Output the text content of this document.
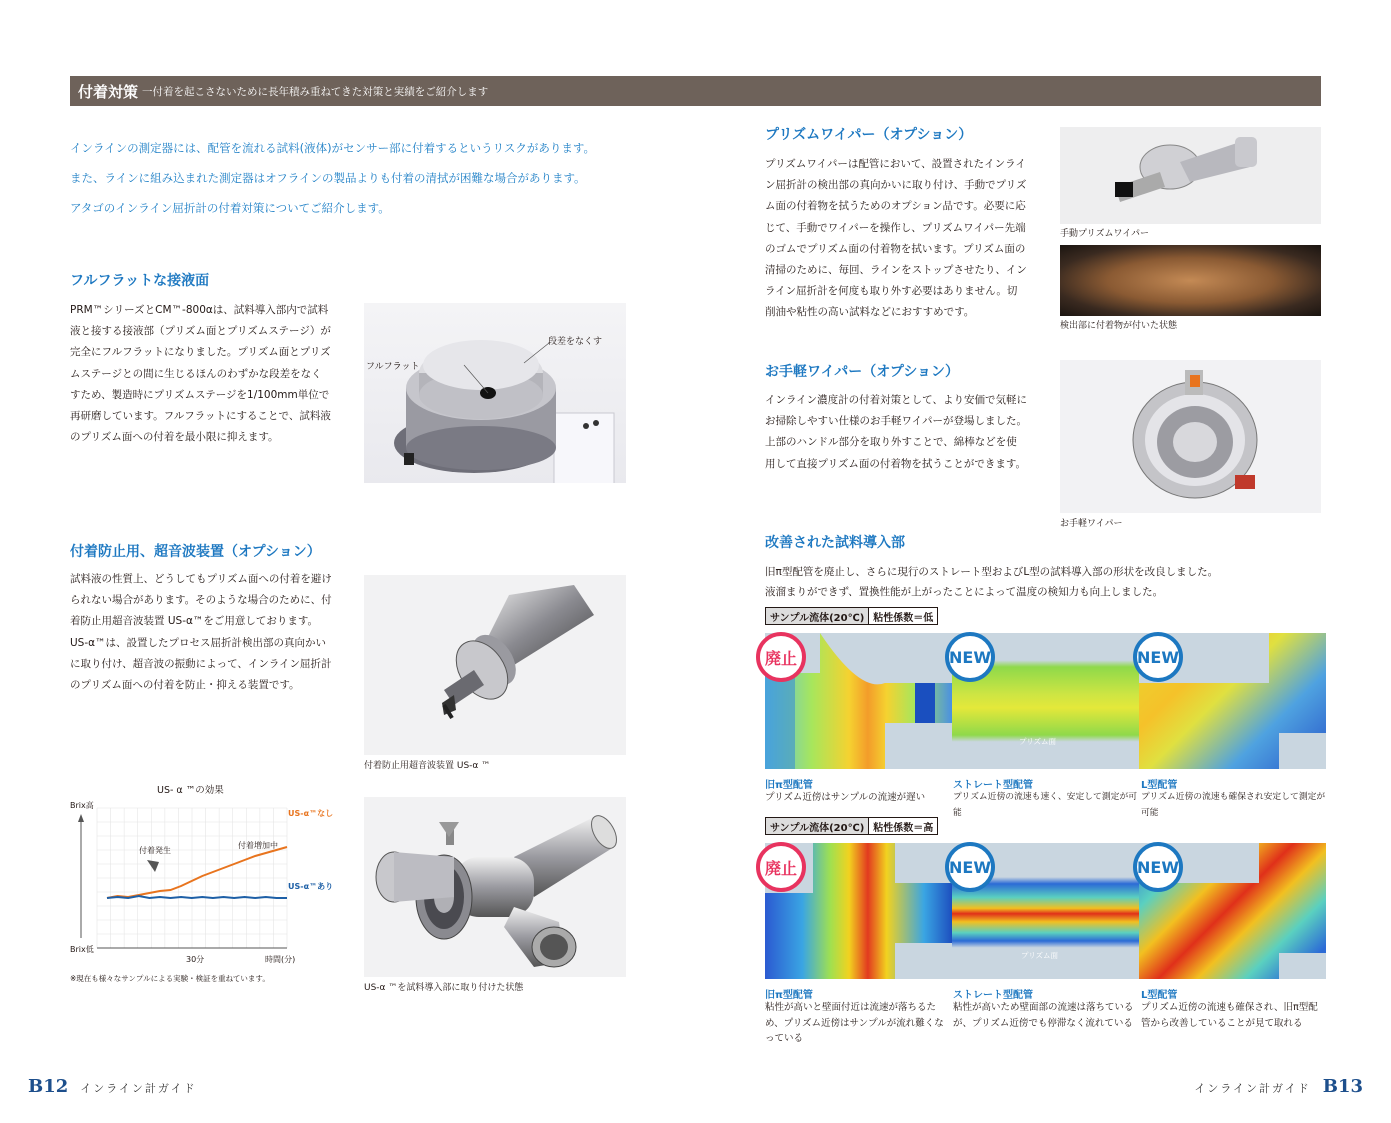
付着対策 一付着を起こさないために長年積み重ねてきた対策と実績をご紹介します

インラインの測定器には、配管を流れる試料(液体)がセンサー部に付着するというリスクがあります。

また、ラインに組み込まれた測定器はオフラインの製品よりも付着の清拭が困難な場合があります。

アタゴのインライン屈折計の付着対策についてご紹介します。

フルフラットな接液面
PRM™シリーズとCM™-800αは、試料導入部内で試料液と接する接液部（プリズム面とプリズムステージ）が完全にフルフラットになりました。プリズム面とプリズムステージとの間に生じるほんのわずかな段差をなくすため、製造時にプリズムステージを1/100mm単位で再研磨しています。フルフラットにすることで、試料液のプリズム面への付着を最小限に抑えます。
段差をなくす
フルフラット
付着防止用、超音波装置（オプション）
試料液の性質上、どうしてもプリズム面への付着を避けられない場合があります。そのような場合のために、付着防止用超音波装置 US-α™をご用意しております。US-α™は、設置したプロセス屈折計検出部の真向かいに取り付け、超音波の振動によって、インライン屈折計のプリズム面への付着を防止・抑える装置です。
付着防止用超音波装置 US-α ™
US- α ™の効果
Brix高
Brix低
30分	時間(分)
付着発生
付着増加中
US-α™なし
US-α™あり
※現在も様々なサンプルによる実験・検証を重ねています。
US-α ™を試料導入部に取り付けた状態
プリズムワイパー（オプション）
プリズムワイパーは配管において、設置されたインライン屈折計の検出部の真向かいに取り付け、手動でプリズム面の付着物を拭うためのオプション品です。必要に応じて、手動でワイパーを操作し、プリズムワイパー先端のゴムでプリズム面の付着物を拭います。プリズム面の清掃のために、毎回、ラインをストップさせたり、インライン屈折計を何度も取り外す必要はありません。切削油や粘性の高い試料などにおすすめです。
手動プリズムワイパー
検出部に付着物が付いた状態
お手軽ワイパー（オプション）
インライン濃度計の付着対策として、より安価で気軽にお掃除しやすい仕様のお手軽ワイパーが登場しました。上部のハンドル部分を取り外すことで、綿棒などを使用して直接プリズム面の付着物を拭うことができます。
お手軽ワイパー
改善された試料導入部
旧π型配管を廃止し、さらに現行のストレート型およびL型の試料導入部の形状を改良しました。
液溜まりができず、置換性能が上がったことによって温度の検知力も向上しました。
サンプル流体(20℃) 粘性係数＝低
廃止	NEW	NEW
旧π型配管
プリズム近傍はサンプルの流速が遅い
ストレート型配管
プリズム近傍の流速も速く、安定して測定が可能
L型配管
プリズム近傍の流速も確保され安定して測定が可能
サンプル流体(20℃) 粘性係数＝高
廃止	NEW	NEW
旧π型配管
粘性が高いと壁面付近は流速が落ちるため、プリズム近傍はサンプルが流れ難くなっている
ストレート型配管
粘性が高いため壁面部の流速は落ちているが、プリズム近傍でも停滞なく流れている
L型配管
プリズム近傍の流速も確保され、旧π型配管から改善していることが見て取れる
プリズム面
プリズム面
B12 インライン計ガイド	インライン計ガイド B13
